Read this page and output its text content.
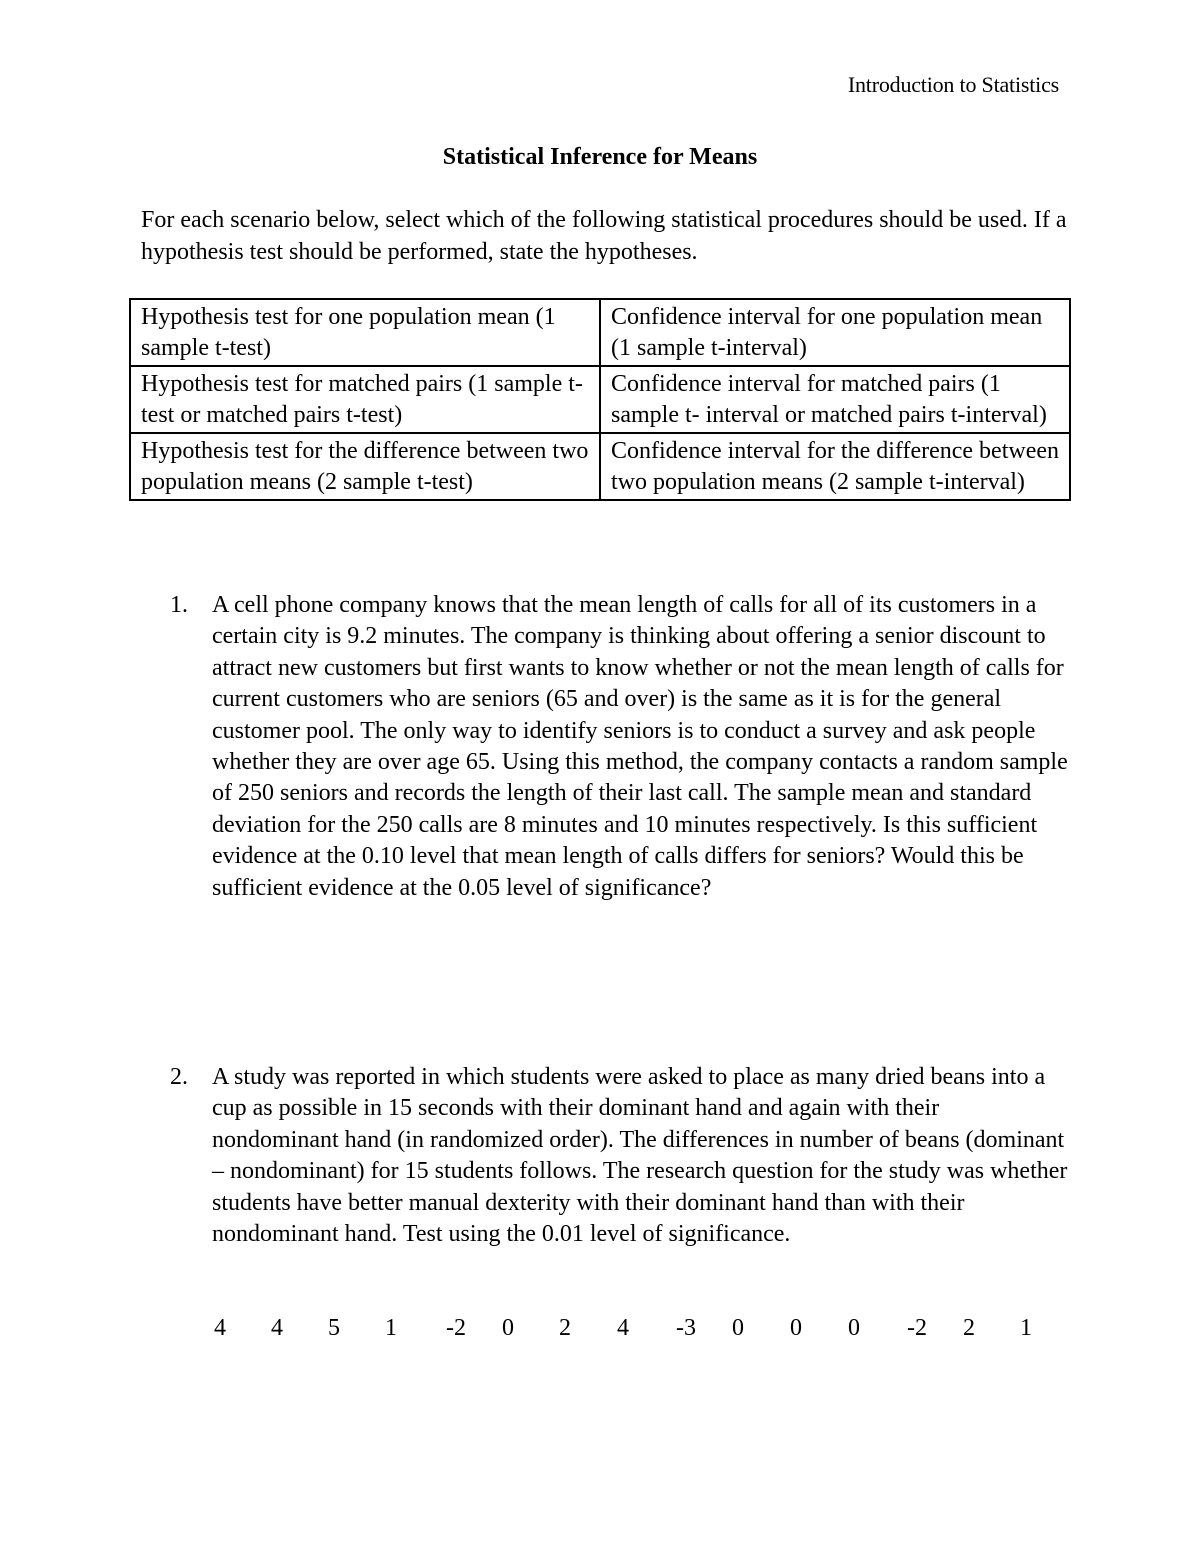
Introduction to Statistics
Statistical Inference for Means
For each scenario below, select which of the following statistical procedures should be used. If a hypothesis test should be performed, state the hypotheses.
Hypothesis test for one population mean (1 sample t-test)	Confidence interval for one population mean (1 sample t-interval)
Hypothesis test for matched pairs (1 sample t-test or matched pairs t-test)	Confidence interval for matched pairs (1 sample t- interval or matched pairs t-interval)
Hypothesis test for the difference between two population means (2 sample t-test)	Confidence interval for the difference between two population means (2 sample t-interval)
1. A cell phone company knows that the mean length of calls for all of its customers in a certain city is 9.2 minutes. The company is thinking about offering a senior discount to attract new customers but first wants to know whether or not the mean length of calls for current customers who are seniors (65 and over) is the same as it is for the general customer pool. The only way to identify seniors is to conduct a survey and ask people whether they are over age 65. Using this method, the company contacts a random sample of 250 seniors and records the length of their last call. The sample mean and standard deviation for the 250 calls are 8 minutes and 10 minutes respectively. Is this sufficient evidence at the 0.10 level that mean length of calls differs for seniors? Would this be sufficient evidence at the 0.05 level of significance?
2. A study was reported in which students were asked to place as many dried beans into a cup as possible in 15 seconds with their dominant hand and again with their nondominant hand (in randomized order). The differences in number of beans (dominant – nondominant) for 15 students follows. The research question for the study was whether students have better manual dexterity with their dominant hand than with their nondominant hand. Test using the 0.01 level of significance.
4	4	5	1	-2	0	2	4	-3	0	0	0	-2	2	1
